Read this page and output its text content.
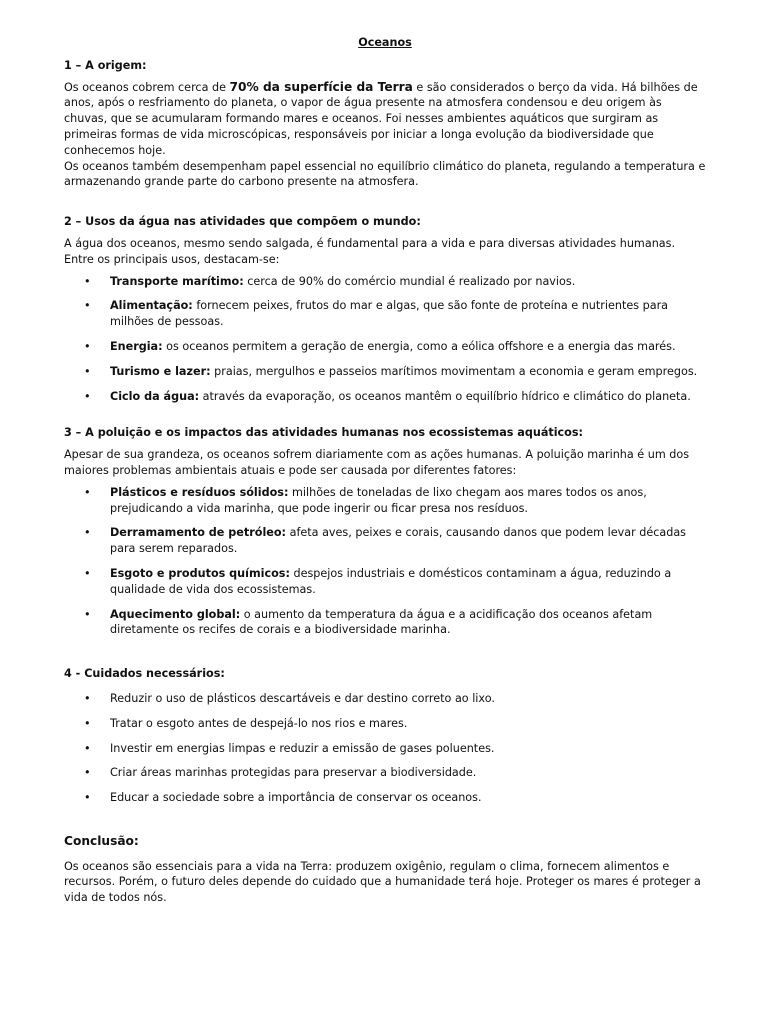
Oceanos

1 – A origem:

Os oceanos cobrem cerca de 70% da superfície da Terra e são considerados o berço da vida. Há bilhões de anos, após o resfriamento do planeta, o vapor de água presente na atmosfera condensou e deu origem às chuvas, que se acumularam formando mares e oceanos. Foi nesses ambientes aquáticos que surgiram as primeiras formas de vida microscópicas, responsáveis por iniciar a longa evolução da biodiversidade que conhecemos hoje.

Os oceanos também desempenham papel essencial no equilíbrio climático do planeta, regulando a temperatura e armazenando grande parte do carbono presente na atmosfera.

2 – Usos da água nas atividades que compõem o mundo:

A água dos oceanos, mesmo sendo salgada, é fundamental para a vida e para diversas atividades humanas. Entre os principais usos, destacam-se:

• Transporte marítimo: cerca de 90% do comércio mundial é realizado por navios.
• Alimentação: fornecem peixes, frutos do mar e algas, que são fonte de proteína e nutrientes para milhões de pessoas.
• Energia: os oceanos permitem a geração de energia, como a eólica offshore e a energia das marés.
• Turismo e lazer: praias, mergulhos e passeios marítimos movimentam a economia e geram empregos.
• Ciclo da água: através da evaporação, os oceanos mantêm o equilíbrio hídrico e climático do planeta.

3 – A poluição e os impactos das atividades humanas nos ecossistemas aquáticos:

Apesar de sua grandeza, os oceanos sofrem diariamente com as ações humanas. A poluição marinha é um dos maiores problemas ambientais atuais e pode ser causada por diferentes fatores:

• Plásticos e resíduos sólidos: milhões de toneladas de lixo chegam aos mares todos os anos, prejudicando a vida marinha, que pode ingerir ou ficar presa nos resíduos.
• Derramamento de petróleo: afeta aves, peixes e corais, causando danos que podem levar décadas para serem reparados.
• Esgoto e produtos químicos: despejos industriais e domésticos contaminam a água, reduzindo a qualidade de vida dos ecossistemas.
• Aquecimento global: o aumento da temperatura da água e a acidificação dos oceanos afetam diretamente os recifes de corais e a biodiversidade marinha.

4 - Cuidados necessários:

• Reduzir o uso de plásticos descartáveis e dar destino correto ao lixo.
• Tratar o esgoto antes de despejá-lo nos rios e mares.
• Investir em energias limpas e reduzir a emissão de gases poluentes.
• Criar áreas marinhas protegidas para preservar a biodiversidade.
• Educar a sociedade sobre a importância de conservar os oceanos.

Conclusão:

Os oceanos são essenciais para a vida na Terra: produzem oxigênio, regulam o clima, fornecem alimentos e recursos. Porém, o futuro deles depende do cuidado que a humanidade terá hoje. Proteger os mares é proteger a vida de todos nós.
